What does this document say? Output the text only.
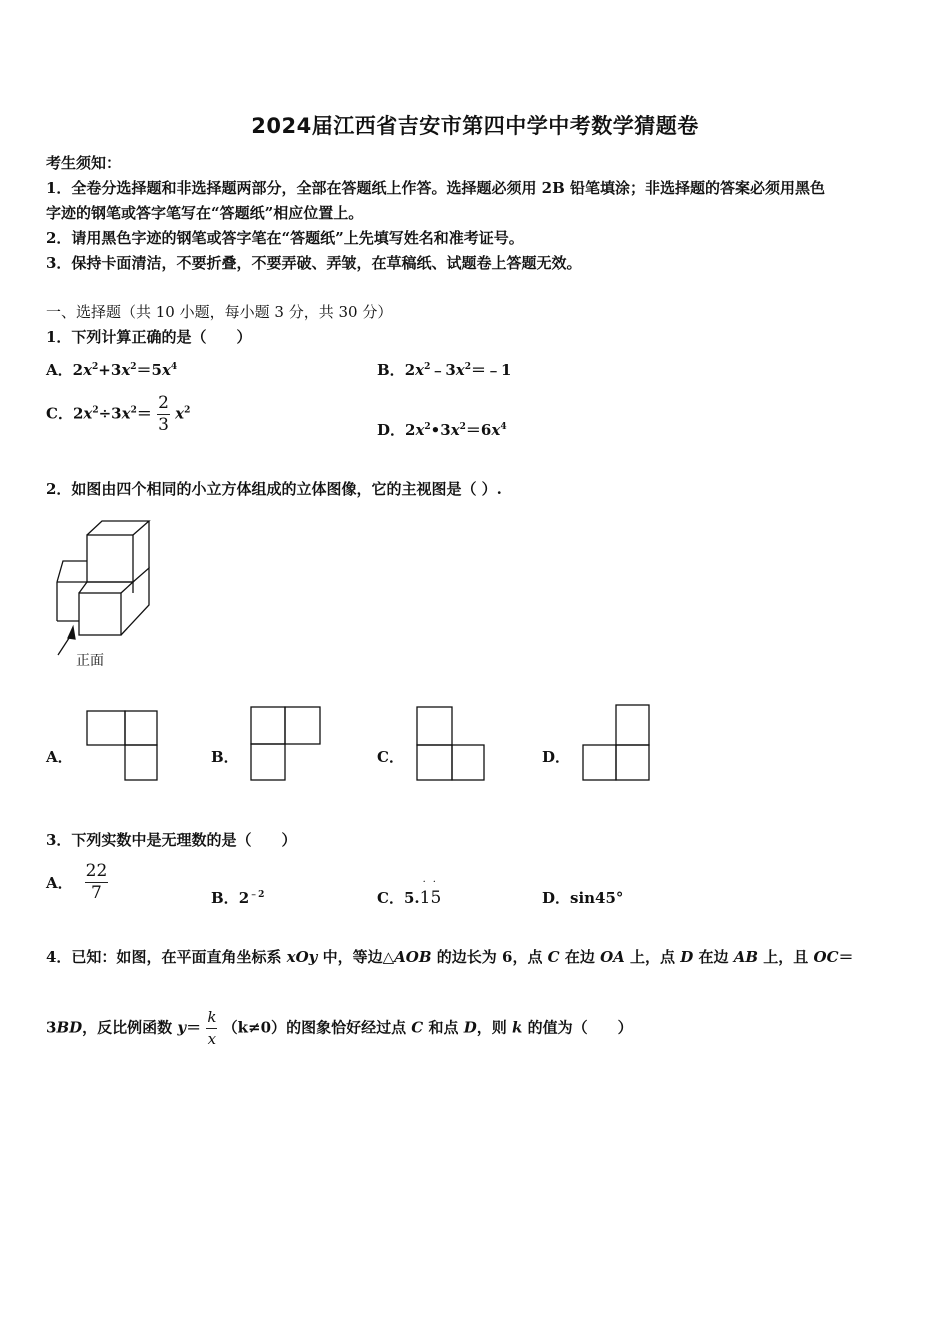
2024届江西省吉安市第四中学中考数学猜题卷
考生须知：
1．全卷分选择题和非选择题两部分，全部在答题纸上作答。选择题必须用 2B 铅笔填涂；非选择题的答案必须用黑色
字迹的钢笔或答字笔写在“答题纸”相应位置上。
2．请用黑色字迹的钢笔或答字笔在“答题纸”上先填写姓名和准考证号。
3．保持卡面清洁，不要折叠，不要弄破、弄皱，在草稿纸、试题卷上答题无效。
一、选择题（共 10 小题，每小题 3 分，共 30 分）
1．下列计算正确的是（　　）
A．$2x^2+3x^2=5x^4$	B．$2x^2﹣3x^2=﹣1$
C．$2x^2\div 3x^2= \frac{2}{3} x^2$
D．$2x^2•3x^2=6x^4$
2．如图由四个相同的小立方体组成的立体图像，它的主视图是（ ）.
正面
A．	B．	C．	D．
3．下列实数中是无理数的是（　　）
A． $\frac{22}{7}$	B．$2^{﹣2}$	C．5.15
··
D．sin45°
4．已知：如图，在平面直角坐标系 xOy 中，等边△AOB 的边长为 6，点 C 在边 OA 上，点 D 在边 AB 上，且 OC＝
3BD，反比例函数 $y= \frac{k}{x} (k\ne 0)$的图象恰好经过点 C 和点 D，则 k 的值为（　　）
